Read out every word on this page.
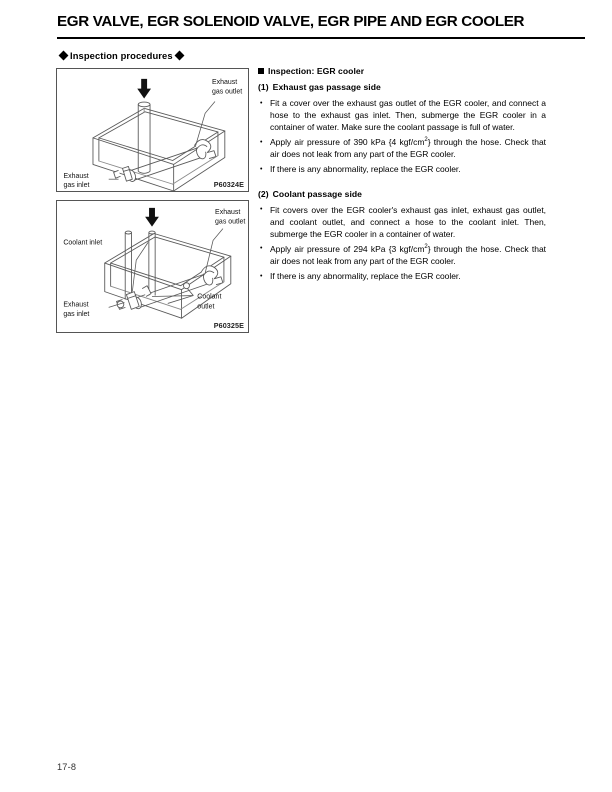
EGR VALVE, EGR SOLENOID VALVE, EGR PIPE AND EGR COOLER
Inspection procedures
Exhaust
gas outlet
Exhaust
gas inlet	P60324E
Exhaust
gas outlet
Coolant inlet
Coolant
outlet
Exhaust
gas inlet
P60325E
Inspection: EGR cooler
(1) Exhaust gas passage side
• Fit a cover over the exhaust gas outlet of the EGR cooler, and connect a hose to the exhaust gas inlet. Then, submerge the EGR cooler in a container of water. Make sure the coolant passage is full of water.
• Apply air pressure of 390 kPa {4 kgf/$cm^2$} through the hose. Check that air does not leak from any part of the EGR cooler.
• If there is any abnormality, replace the EGR cooler.
(2) Coolant passage side
• Fit covers over the EGR cooler's exhaust gas inlet, exhaust gas outlet, and coolant outlet, and connect a hose to the coolant inlet. Then, submerge the EGR cooler in a container of water.
• Apply air pressure of 294 kPa {3 kgf/$cm^2$} through the hose. Check that air does not leak from any part of the EGR cooler.
• If there is any abnormality, replace the EGR cooler.
17-8
